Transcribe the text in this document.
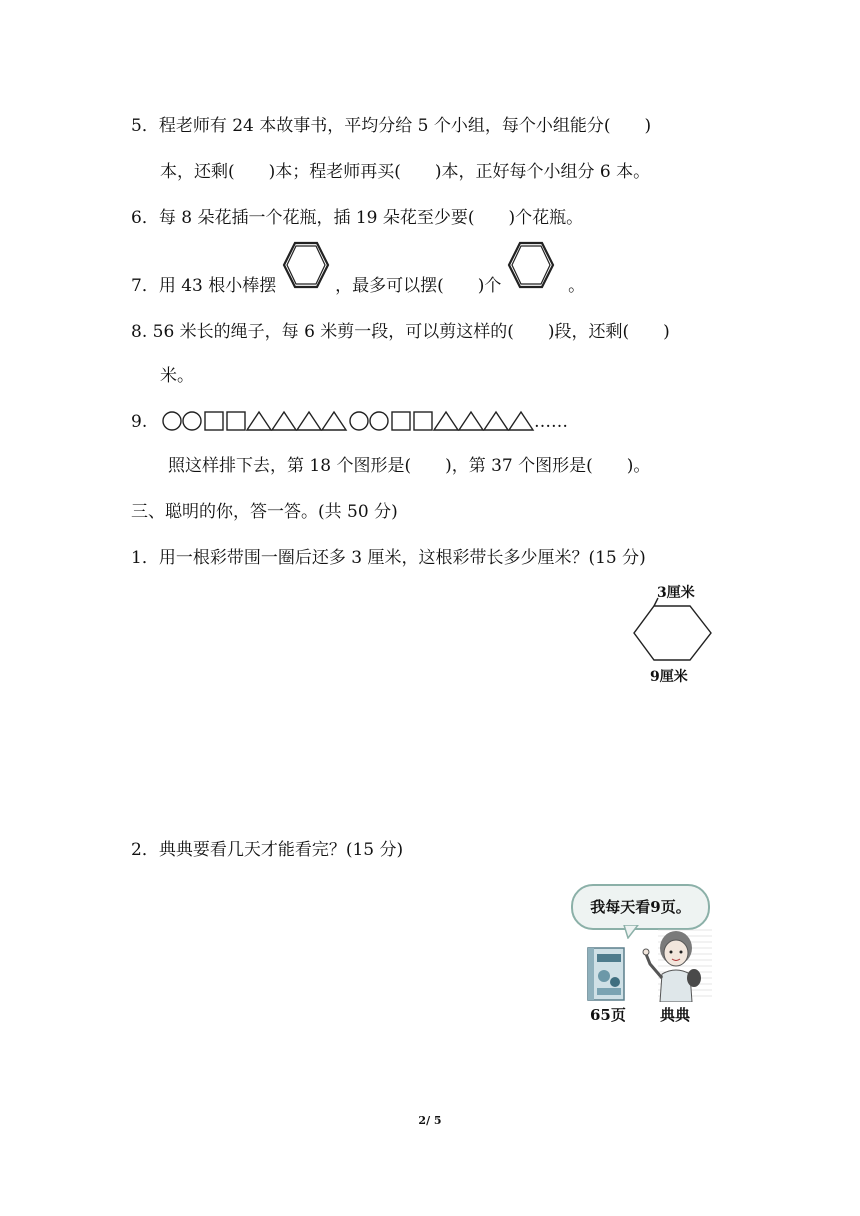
5．程老师有 24 本故事书，平均分给 5 个小组，每个小组能分(　　)
本，还剩(　　)本；程老师再买(　　)本，正好每个小组分 6 本。
6．每 8 朵花插一个花瓶，插 19 朵花至少要(　　)个花瓶。
7．用 43 根小棒摆	，最多可以摆(　　)个	。
8. 56 米长的绳子，每 6 米剪一段，可以剪这样的(　　)段，还剩(　　)
米。
9.	……
照这样排下去，第 18 个图形是(　　)，第 37 个图形是(　　)。
三、聪明的你，答一答。(共 50 分)
1．用一根彩带围一圈后还多 3 厘米，这根彩带长多少厘米？(15 分)
3厘米
9厘米
2．典典要看几天才能看完？(15 分)
我每天看9页。
65页 典典
2/ 5
